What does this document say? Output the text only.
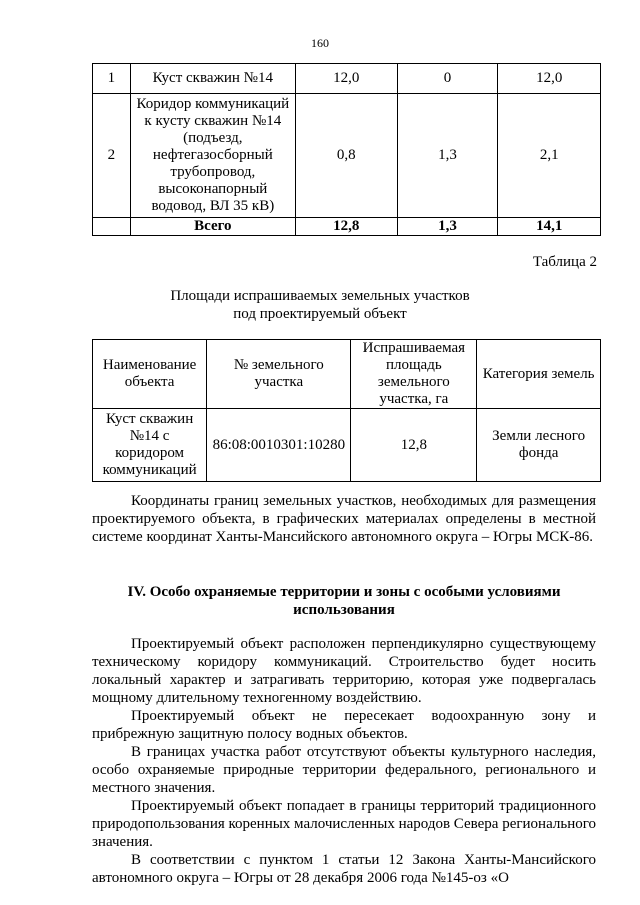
160
1	Куст скважин №14	12,0	0	12,0
2	Коридор коммуникаций к кусту скважин №14 (подъезд, нефтегазосборный трубопровод, высоконапорный водовод, ВЛ 35 кВ)	0,8	1,3	2,1
	Всего	12,8	1,3	14,1
Таблица 2
Площади испрашиваемых земельных участков
под проектируемый объект
Наименование объекта	№ земельного участка	Испрашиваемая площадь земельного участка, га	Категория земель
Куст скважин №14 с коридором коммуникаций	86:08:0010301:10280	12,8	Земли лесного фонда
Координаты границ земельных участков, необходимых для размещения проектируемого объекта, в графических материалах определены в местной системе координат Ханты-Мансийского автономного округа – Югры МСК-86.
IV. Особо охраняемые территории и зоны с особыми условиями использования
Проектируемый объект расположен перпендикулярно существующему техническому коридору коммуникаций. Строительство будет носить локальный характер и затрагивать территорию, которая уже подвергалась мощному длительному техногенному воздействию.
Проектируемый объект не пересекает водоохранную зону и прибрежную защитную полосу водных объектов.
В границах участка работ отсутствуют объекты культурного наследия, особо охраняемые природные территории федерального, регионального и местного значения.
Проектируемый объект попадает в границы территорий традиционного природопользования коренных малочисленных народов Севера регионального значения.
В соответствии с пунктом 1 статьи 12 Закона Ханты-Мансийского автономного округа – Югры от 28 декабря 2006 года №145-оз «О
